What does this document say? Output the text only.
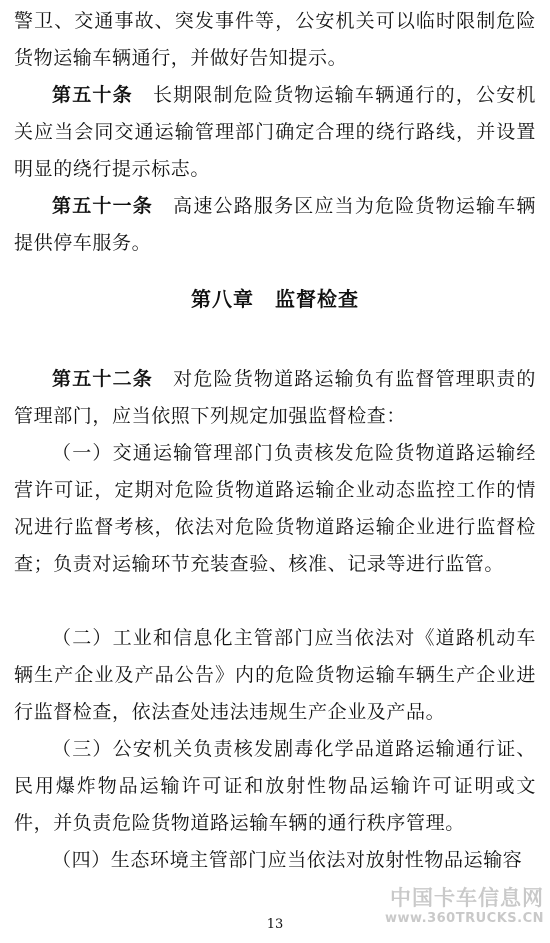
警卫、交通事故、突发事件等，公安机关可以临时限制危险货物运输车辆通行，并做好告知提示。

第五十条　 长期限制危险货物运输车辆通行的，公安机关应当会同交通运输管理部门确定合理的绕行路线，并设置明显的绕行提示标志。

第五十一条　 高速公路服务区应当为危险货物运输车辆提供停车服务。

第八章　监督检查

第五十二条　 对危险货物道路运输负有监督管理职责的管理部门，应当依照下列规定加强监督检查：

（一）交通运输管理部门负责核发危险货物道路运输经营许可证，定期对危险货物道路运输企业动态监控工作的情况进行监督考核，依法对危险货物道路运输企业进行监督检查；负责对运输环节充装查验、核准、记录等进行监管。

（二）工业和信息化主管部门应当依法对《道路机动车辆生产企业及产品公告》内的危险货物运输车辆生产企业进行监督检查，依法查处违法违规生产企业及产品。

（三）公安机关负责核发剧毒化学品道路运输通行证、民用爆炸物品运输许可证和放射性物品运输许可证明或文件，并负责危险货物道路运输车辆的通行秩序管理。

（四）生态环境主管部门应当依法对放射性物品运输容

中国卡车信息网
www.360TRUCKS.CN
13
